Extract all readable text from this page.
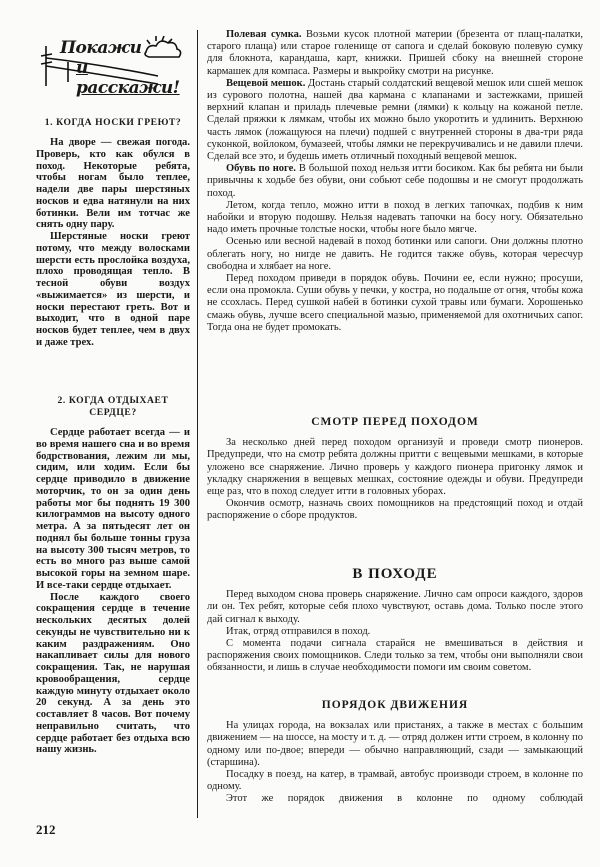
Покажи
и расскажи!
1. КОГДА НОСКИ ГРЕЮТ?

На дворе — свежая погода. Проверь, кто как обулся в поход. Некоторые ребята, чтобы ногам было теплее, надели две пары шерстяных носков и едва натянули на них ботинки. Вели им тотчас же снять одну пару.

Шерстяные носки греют потому, что между волосками шерсти есть прослойка воздуха, плохо проводящая тепло. В тесной обуви воздух «выжимается» из шерсти, и носки перестают греть. Вот и выходит, что в одной паре носков будет теплее, чем в двух и даже трех.

2. КОГДА ОТДЫХАЕТ СЕРДЦЕ?

Сердце работает всегда — и во время нашего сна и во время бодрствования, лежим ли мы, сидим, или ходим. Если бы сердце приводило в движение моторчик, то он за один день работы мог бы поднять 19 300 килограммов на высоту одного метра. А за пятьдесят лет он поднял бы больше тонны груза на высоту 300 тысяч метров, то есть во много раз выше самой высокой горы на земном шаре. И все-таки сердце отдыхает.

После каждого своего сокращения сердце в течение нескольких десятых долей секунды не чувствительно ни к каким раздражениям. Оно накапливает силы для нового сокращения. Так, не нарушая кровообращения, сердце каждую минуту отдыхает около 20 секунд. А за день это составляет 8 часов. Вот почему неправильно считать, что сердце работает без отдыха всю нашу жизнь.

Полевая сумка. Возьми кусок плотной материи (брезента от плащ-палатки, старого плаща) или старое голенище от сапога и сделай боковую полевую сумку для блокнота, карандаша, карт, книжки. Пришей сбоку на внешней стороне кармашек для компаса. Размеры и выкройку смотри на рисунке.

Вещевой мешок. Достань старый солдатский вещевой мешок или сшей мешок из сурового полотна, нашей два кармана с клапанами и застежками, пришей верхний клапан и приладь плечевые ремни (лямки) к кольцу на кожаной петле. Сделай пряжки к лямкам, чтобы их можно было укоротить и удлинить. Верхнюю часть лямок (ложащуюся на плечи) подшей с внутренней стороны в два-три ряда суконкой, войлоком, бумазеей, чтобы лямки не перекручивались и не давили плечи. Сделай все это, и будешь иметь отличный походный вещевой мешок.

Обувь по ноге. В большой поход нельзя итти босиком. Как бы ребята ни были привычны к ходьбе без обуви, они собьют себе подошвы и не смогут продолжать поход.

Летом, когда тепло, можно итти в поход в легких тапочках, подбив к ним набойки и вторую подошву. Нельзя надевать тапочки на босу ногу. Обязательно надо иметь прочные толстые носки, чтобы ноге было мягче.

Осенью или весной надевай в поход ботинки или сапоги. Они должны плотно облегать ногу, но нигде не давить. Не годится также обувь, которая чересчур свободна и хлябает на ноге.

Перед походом приведи в порядок обувь. Почини ее, если нужно; просуши, если она промокла. Суши обувь у печки, у костра, но подальше от огня, чтобы кожа не ссохлась. Перед сушкой набей в ботинки сухой травы или бумаги. Хорошенько смажь обувь, лучше всего специальной мазью, применяемой для охотничьих сапог. Тогда она не будет промокать.

СМОТР ПЕРЕД ПОХОДОМ

За несколько дней перед походом организуй и проведи смотр пионеров. Предупреди, что на смотр ребята должны притти с вещевыми мешками, в которые уложено все снаряжение. Лично проверь у каждого пионера пригонку лямок и укладку снаряжения в вещевых мешках, состояние одежды и обуви. Предупреди еще раз, что в поход следует итти в головных уборах.

Окончив осмотр, назначь своих помощников на предстоящий поход и отдай распоряжение о сборе продуктов.

В ПОХОДЕ

Перед выходом снова проверь снаряжение. Лично сам опроси каждого, здоров ли он. Тех ребят, которые себя плохо чувствуют, оставь дома. Только после этого дай сигнал к выходу.

Итак, отряд отправился в поход.

С момента подачи сигнала старайся не вмешиваться в действия и распоряжения своих помощников. Следи только за тем, чтобы они выполняли свои обязанности, и лишь в случае необходимости помоги им своим советом.

ПОРЯДОК ДВИЖЕНИЯ

На улицах города, на вокзалах или пристанях, а также в местах с большим движением — на шоссе, на мосту и т. д. — отряд должен итти строем, в колонну по одному или по-двое; впереди — обычно направляющий, сзади — замыкающий (старшина).

Посадку в поезд, на катер, в трамвай, автобус производи строем, в колонне по одному.

Этот же порядок движения в колонне по одному соблюдай

212
